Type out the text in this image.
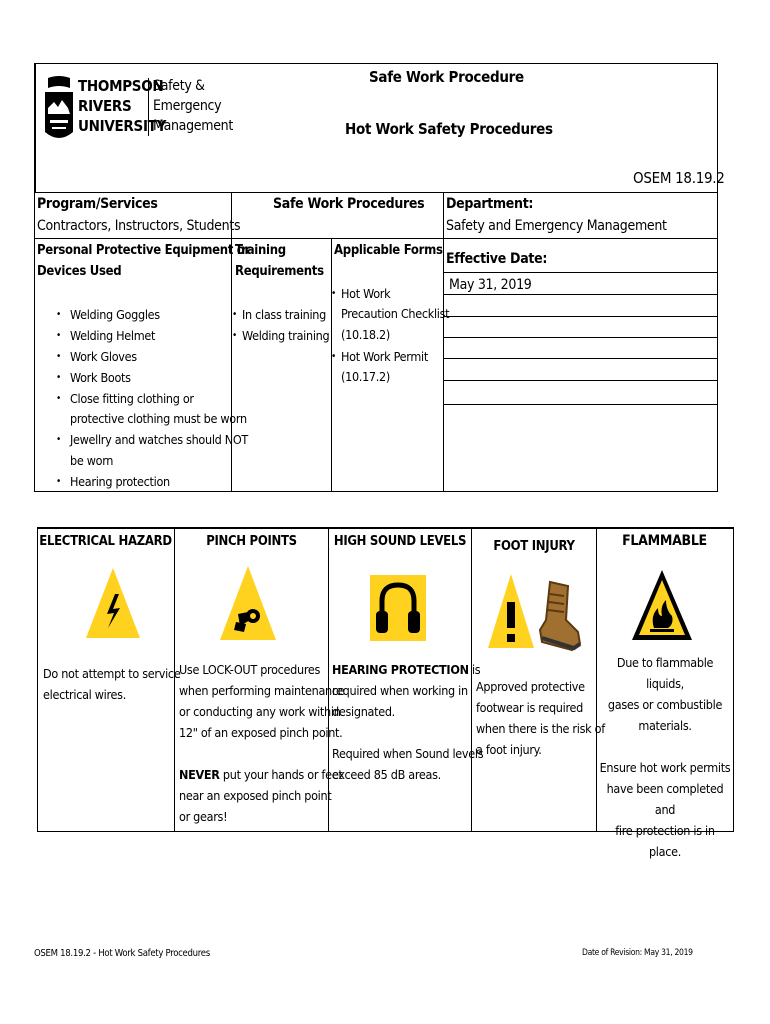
THOMPSON
RIVERS
UNIVERSITY
Safety &
Emergency
Management
Safe Work Procedure
Hot Work Safety Procedures
OSEM 18.19.2
Program/Services
Contractors, Instructors, Students
Safe Work Procedures Department:
Safety and Emergency Management
Personal Protective Equipment or
Devices Used
• Welding Goggles
• Welding Helmet
• Work Gloves
• Work Boots
• Close fitting clothing or
protective clothing must be worn
• Jewellry and watches should NOT
be worn
• Hearing protection
Training
Requirements
• In class training
• Welding training
Applicable Forms
• Hot Work
Precaution Checklist
(10.18.2)
• Hot Work Permit
(10.17.2)
Effective Date:
May 31, 2019
ELECTRICAL HAZARD
Do not attempt to service
electrical wires.
PINCH POINTS
Use LOCK-OUT procedures
when performing maintenance
or conducting any work within
12" of an exposed pinch point.
NEVER put your hands or feet
near an exposed pinch point
or gears!
HIGH SOUND LEVELS
HEARING PROTECTION is
required when working in
designated.
Required when Sound levels
exceed 85 dB areas.
FOOT INJURY
Approved protective
footwear is required
when there is the risk of
a foot injury.
FLAMMABLE
Due to flammable liquids,
gases or combustible
materials.
Ensure hot work permits
have been completed and
fire protection is in place.
OSEM 18.19.2 - Hot Work Safety Procedures	Date of Revision: May 31, 2019
